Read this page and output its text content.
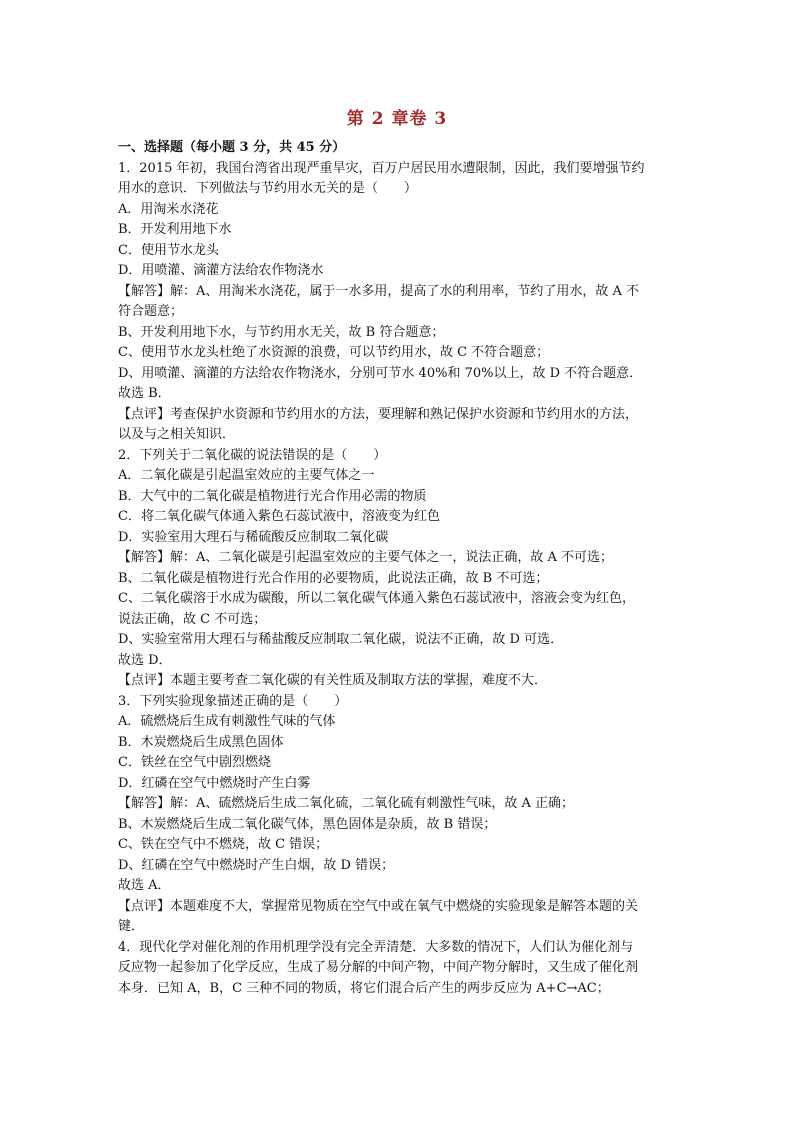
第 2 章卷 3
一、选择题（每小题 3 分，共 45 分）
1．2015 年初，我国台湾省出现严重旱灾，百万户居民用水遭限制，因此，我们要增强节约
用水的意识．下列做法与节约用水无关的是（　　）
A．用淘米水浇花
B．开发利用地下水
C．使用节水龙头
D．用喷灌、滴灌方法给农作物浇水
【解答】解：A、用淘米水浇花，属于一水多用，提高了水的利用率，节约了用水，故 A 不
符合题意；
B、开发利用地下水，与节约用水无关，故 B 符合题意；
C、使用节水龙头杜绝了水资源的浪费，可以节约用水，故 C 不符合题意；
D、用喷灌、滴灌的方法给农作物浇水，分别可节水 40%和 70%以上，故 D 不符合题意．
故选 B．
【点评】考查保护水资源和节约用水的方法，要理解和熟记保护水资源和节约用水的方法，
以及与之相关知识．
2．下列关于二氧化碳的说法错误的是（　　）
A．二氧化碳是引起温室效应的主要气体之一
B．大气中的二氧化碳是植物进行光合作用必需的物质
C．将二氧化碳气体通入紫色石蕊试液中，溶液变为红色
D．实验室用大理石与稀硫酸反应制取二氧化碳
【解答】解：A、二氧化碳是引起温室效应的主要气体之一，说法正确，故 A 不可选；
B、二氧化碳是植物进行光合作用的必要物质，此说法正确，故 B 不可选；
C、二氧化碳溶于水成为碳酸，所以二氧化碳气体通入紫色石蕊试液中，溶液会变为红色，
说法正确，故 C 不可选；
D、实验室常用大理石与稀盐酸反应制取二氧化碳，说法不正确，故 D 可选．
故选 D．
【点评】本题主要考查二氧化碳的有关性质及制取方法的掌握，难度不大．
3．下列实验现象描述正确的是（　　）
A．硫燃烧后生成有刺激性气味的气体
B．木炭燃烧后生成黑色固体
C．铁丝在空气中剧烈燃烧
D．红磷在空气中燃烧时产生白雾
【解答】解：A、硫燃烧后生成二氧化硫，二氧化硫有刺激性气味，故 A 正确；
B、木炭燃烧后生成二氧化碳气体，黑色固体是杂质，故 B 错误；
C、铁在空气中不燃烧，故 C 错误；
D、红磷在空气中燃烧时产生白烟，故 D 错误；
故选 A．
【点评】本题难度不大，掌握常见物质在空气中或在氧气中燃烧的实验现象是解答本题的关
键．
4．现代化学对催化剂的作用机理学没有完全弄清楚．大多数的情况下，人们认为催化剂与
反应物一起参加了化学反应，生成了易分解的中间产物，中间产物分解时，又生成了催化剂
本身．已知 A，B，C 三种不同的物质，将它们混合后产生的两步反应为 A+C→AC；
